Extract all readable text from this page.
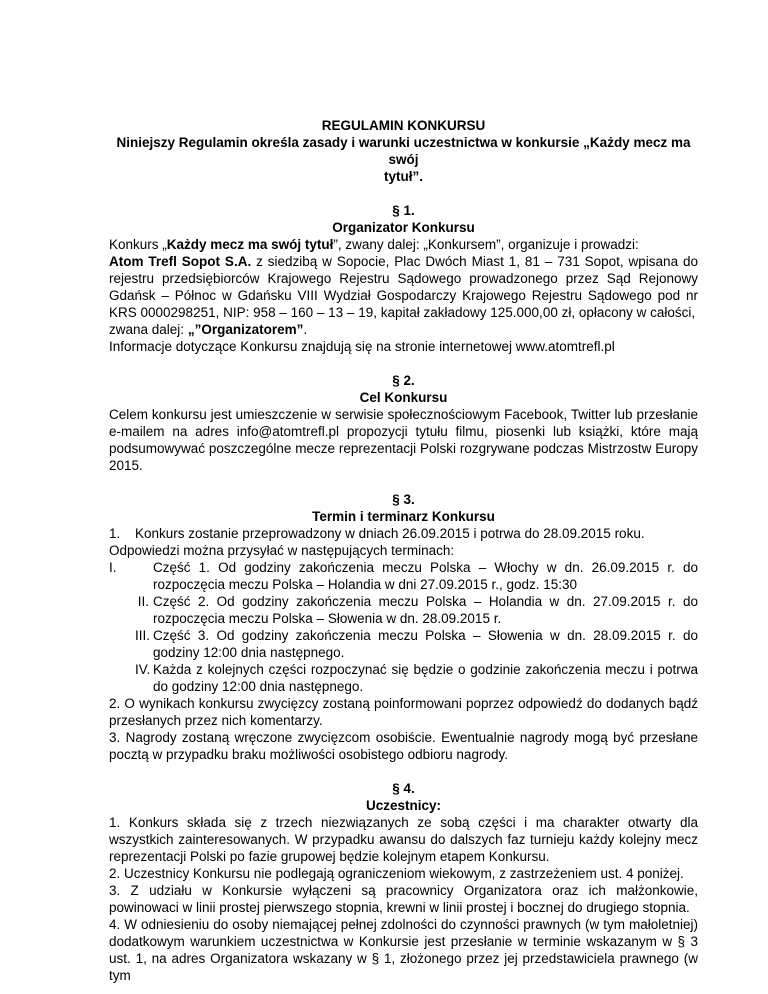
REGULAMIN KONKURSU

Niniejszy Regulamin określa zasady i warunki uczestnictwa w konkursie „Każdy mecz ma swój

tytuł”.

§ 1.

Organizator Konkursu

Konkurs „Każdy mecz ma swój tytuł”, zwany dalej: „Konkursem”, organizuje i prowadzi:

Atom Trefl Sopot S.A. z siedzibą w Sopocie, Plac Dwóch Miast 1, 81 – 731 Sopot, wpisana do rejestru przedsiębiorców Krajowego Rejestru Sądowego prowadzonego przez Sąd Rejonowy Gdańsk – Północ w Gdańsku VIII Wydział Gospodarczy Krajowego Rejestru Sądowego pod nr KRS 0000298251, NIP: 958 – 160 – 13 – 19, kapitał zakładowy 125.000,00 zł, opłacony w całości,

zwana dalej: „”Organizatorem”.

Informacje dotyczące Konkursu znajdują się na stronie internetowej www.atomtrefl.pl

§ 2.

Cel Konkursu

Celem konkursu jest umieszczenie w serwisie społecznościowym Facebook, Twitter lub przesłanie e-mailem na adres info@atomtrefl.pl propozycji tytułu filmu, piosenki lub książki, które mają podsumowywać poszczególne mecze reprezentacji Polski rozgrywane podczas Mistrzostw Europy 2015.

§ 3.

Termin i terminarz Konkursu

1.	Konkurs zostanie przeprowadzony w dniach 26.09.2015 i potrwa do 28.09.2015 roku.

Odpowiedzi można przysyłać w następujących terminach:

I.	Część 1. Od godziny zakończenia meczu Polska – Włochy w dn. 26.09.2015 r. do rozpoczęcia meczu Polska – Holandia w dni 27.09.2015 r., godz. 15:30
II. Część 2. Od godziny zakończenia meczu Polska – Holandia w dn. 27.09.2015 r. do rozpoczęcia meczu Polska – Słowenia w dn. 28.09.2015 r.
III. Część 3. Od godziny zakończenia meczu Polska – Słowenia w dn. 28.09.2015 r. do godziny 12:00 dnia następnego.
IV. Każda z kolejnych części rozpoczynać się będzie o godzinie zakończenia meczu i potrwa do godziny 12:00 dnia następnego.

2. O wynikach konkursu zwycięzcy zostaną poinformowani poprzez odpowiedź do dodanych bądź przesłanych przez nich komentarzy.

3. Nagrody zostaną wręczone zwycięzcom osobiście. Ewentualnie nagrody mogą być przesłane pocztą w przypadku braku możliwości osobistego odbioru nagrody.

§ 4.

Uczestnicy:

1. Konkurs składa się z trzech niezwiązanych ze sobą części i ma charakter otwarty dla wszystkich zainteresowanych. W przypadku awansu do dalszych faz turnieju każdy kolejny mecz reprezentacji Polski po fazie grupowej będzie kolejnym etapem Konkursu.

2. Uczestnicy Konkursu nie podlegają ograniczeniom wiekowym, z zastrzeżeniem ust. 4 poniżej.

3. Z udziału w Konkursie wyłączeni są pracownicy Organizatora oraz ich małżonkowie, powinowaci w linii prostej pierwszego stopnia, krewni w linii prostej i bocznej do drugiego stopnia.

4. W odniesieniu do osoby niemającej pełnej zdolności do czynności prawnych (w tym małoletniej) dodatkowym warunkiem uczestnictwa w Konkursie jest przesłanie w terminie wskazanym w § 3 ust. 1, na adres Organizatora wskazany w § 1, złożonego przez jej przedstawiciela prawnego (w tym
